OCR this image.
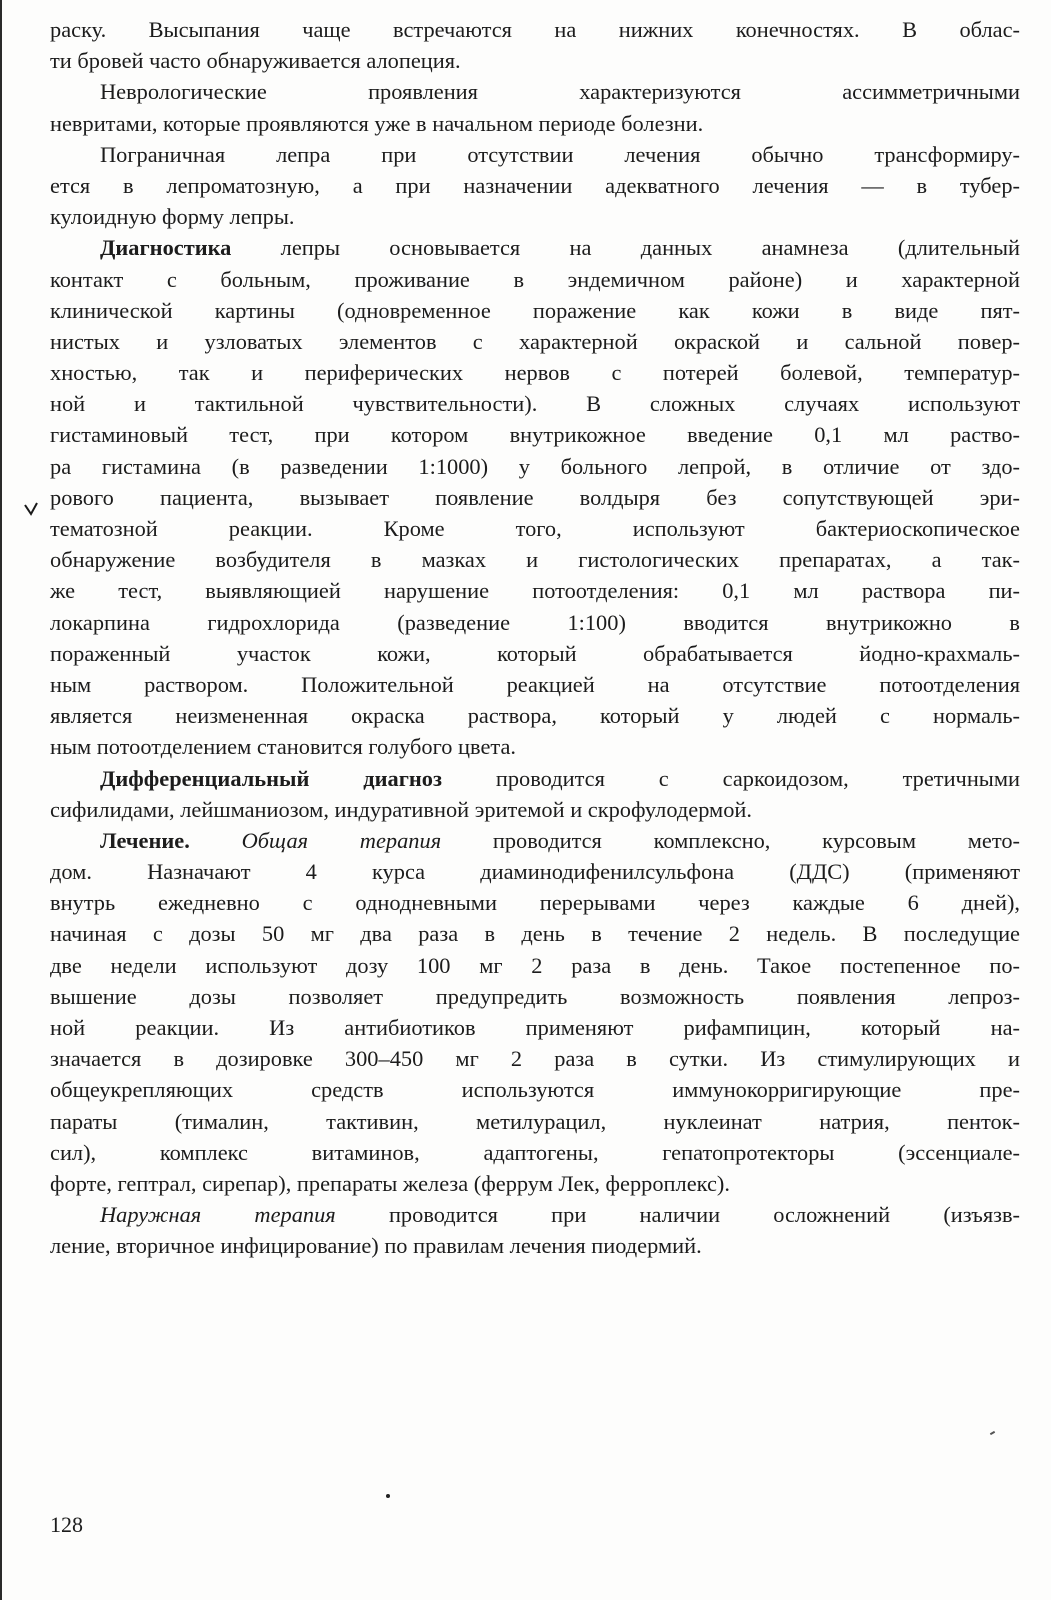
раску. Высыпания чаще встречаются на нижних конечностях. В облас-
ти бровей часто обнаруживается алопеция.
Неврологические проявления характеризуются ассимметричными
невритами, которые проявляются уже в начальном периоде болезни.
Пограничная лепра при отсутствии лечения обычно трансформиру-
ется в лепроматозную, а при назначении адекватного лечения — в тубер-
кулоидную форму лепры.
Диагностика лепры основывается на данных анамнеза (длительный
контакт с больным, проживание в эндемичном районе) и характерной
клинической картины (одновременное поражение как кожи в виде пят-
нистых и узловатых элементов с характерной окраской и сальной повер-
хностью, так и периферических нервов с потерей болевой, температур-
ной и тактильной чувствительности). В сложных случаях используют
гистаминовый тест, при котором внутрикожное введение 0,1 мл раство-
ра гистамина (в разведении 1:1000) у больного лепрой, в отличие от здо-
рового пациента, вызывает появление волдыря без сопутствующей эри-
тематозной реакции. Кроме того, используют бактериоскопическое
обнаружение возбудителя в мазках и гистологических препаратах, а так-
же тест, выявляющией нарушение потоотделения: 0,1 мл раствора пи-
локарпина гидрохлорида (разведение 1:100) вводится внутрикожно в
пораженный участок кожи, который обрабатывается йодно-крахмаль-
ным раствором. Положительной реакцией на отсутствие потоотделения
является неизмененная окраска раствора, который у людей с нормаль-
ным потоотделением становится голубого цвета.
Дифференциальный диагноз проводится с саркоидозом, третичными
сифилидами, лейшманиозом, индуративной эритемой и скрофулодермой.
Лечение. Общая терапия проводится комплексно, курсовым мето-
дом. Назначают 4 курса диаминодифенилсульфона (ДДС) (применяют
внутрь ежедневно с однодневными перерывами через каждые 6 дней),
начиная с дозы 50 мг два раза в день в течение 2 недель. В последущие
две недели используют дозу 100 мг 2 раза в день. Такое постепенное по-
вышение дозы позволяет предупредить возможность появления лепроз-
ной реакции. Из антибиотиков применяют рифампицин, который на-
значается в дозировке 300–450 мг 2 раза в сутки. Из стимулирующих и
общеукрепляющих средств используются иммунокорригирующие пре-
параты (тималин, тактивин, метилурацил, нуклеинат натрия, пенток-
сил), комплекс витаминов, адаптогены, гепатопротекторы (эссенциале-
форте, гептрал, сирепар), препараты железа (феррум Лек, ферроплекс).
Наружная терапия проводится при наличии осложнений (изъязв-
ление, вторичное инфицирование) по правилам лечения пиодермий.
128
